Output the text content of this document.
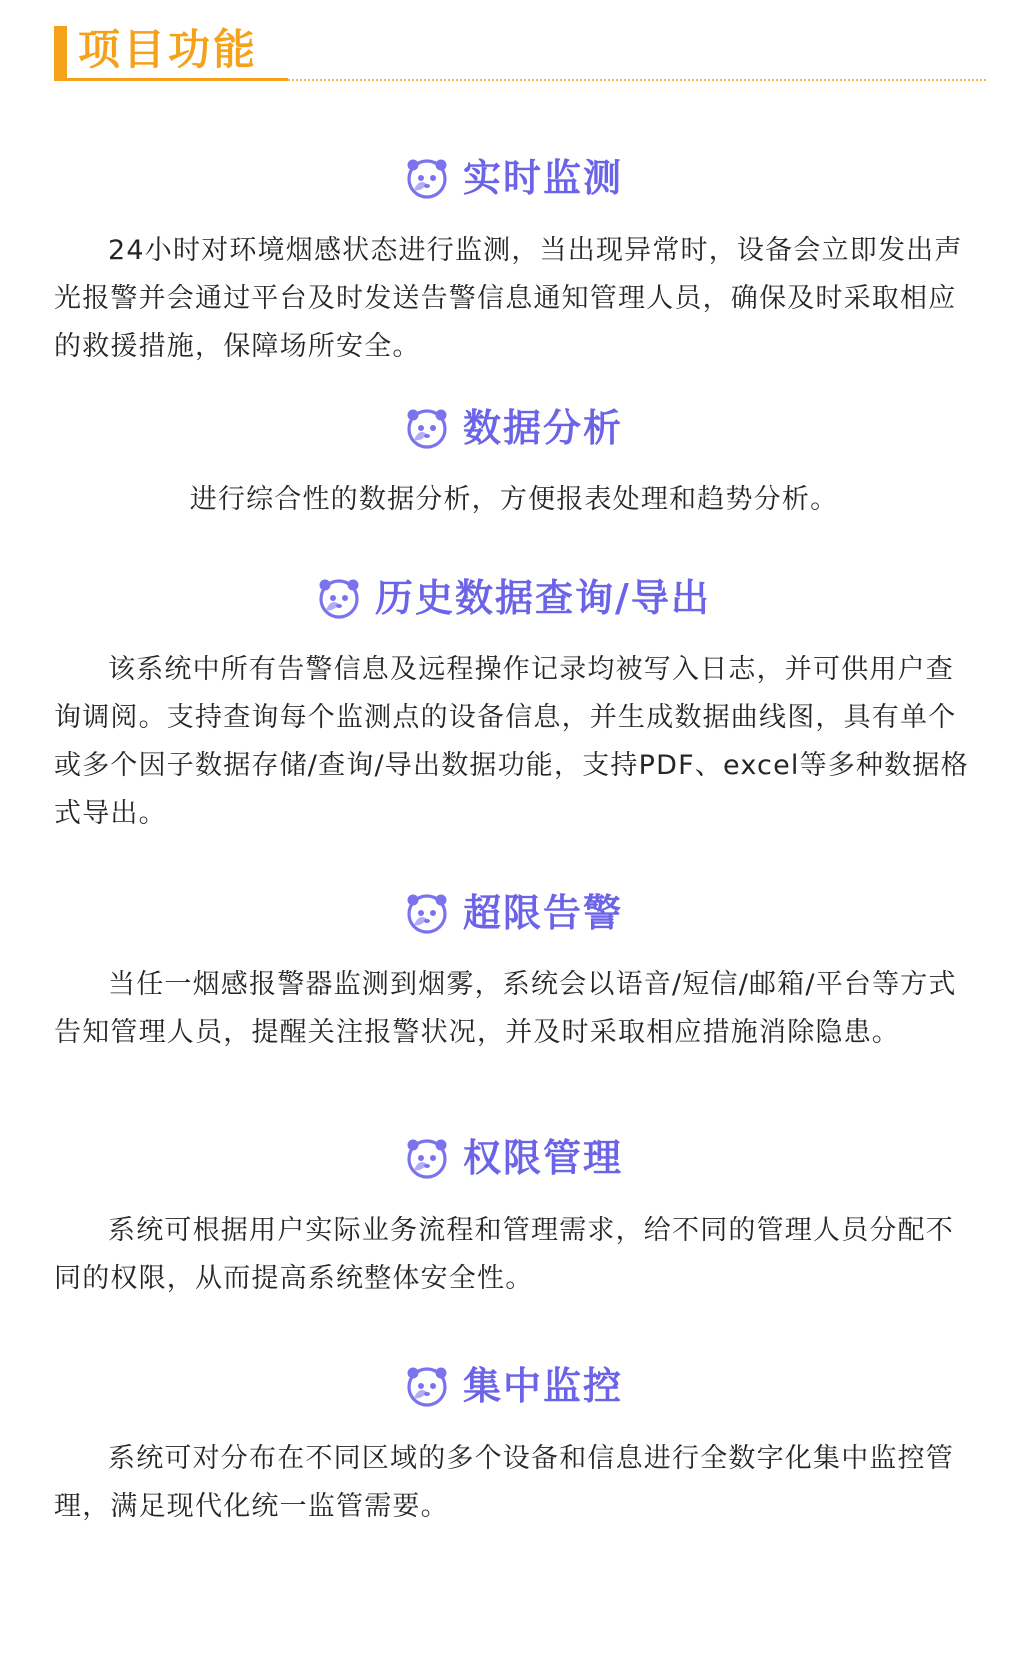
项目功能
实时监测

24小时对环境烟感状态进行监测，当出现异常时，设备会立即发出声光报警并会通过平台及时发送告警信息通知管理人员，确保及时采取相应的救援措施，保障场所安全。

数据分析

进行综合性的数据分析，方便报表处理和趋势分析。

历史数据查询/导出

该系统中所有告警信息及远程操作记录均被写入日志，并可供用户查询调阅。支持查询每个监测点的设备信息，并生成数据曲线图，具有单个或多个因子数据存储/查询/导出数据功能，支持PDF、excel等多种数据格式导出。

超限告警

当任一烟感报警器监测到烟雾，系统会以语音/短信/邮箱/平台等方式告知管理人员，提醒关注报警状况，并及时采取相应措施消除隐患。

权限管理

系统可根据用户实际业务流程和管理需求，给不同的管理人员分配不同的权限，从而提高系统整体安全性。

集中监控

系统可对分布在不同区域的多个设备和信息进行全数字化集中监控管理，满足现代化统一监管需要。
